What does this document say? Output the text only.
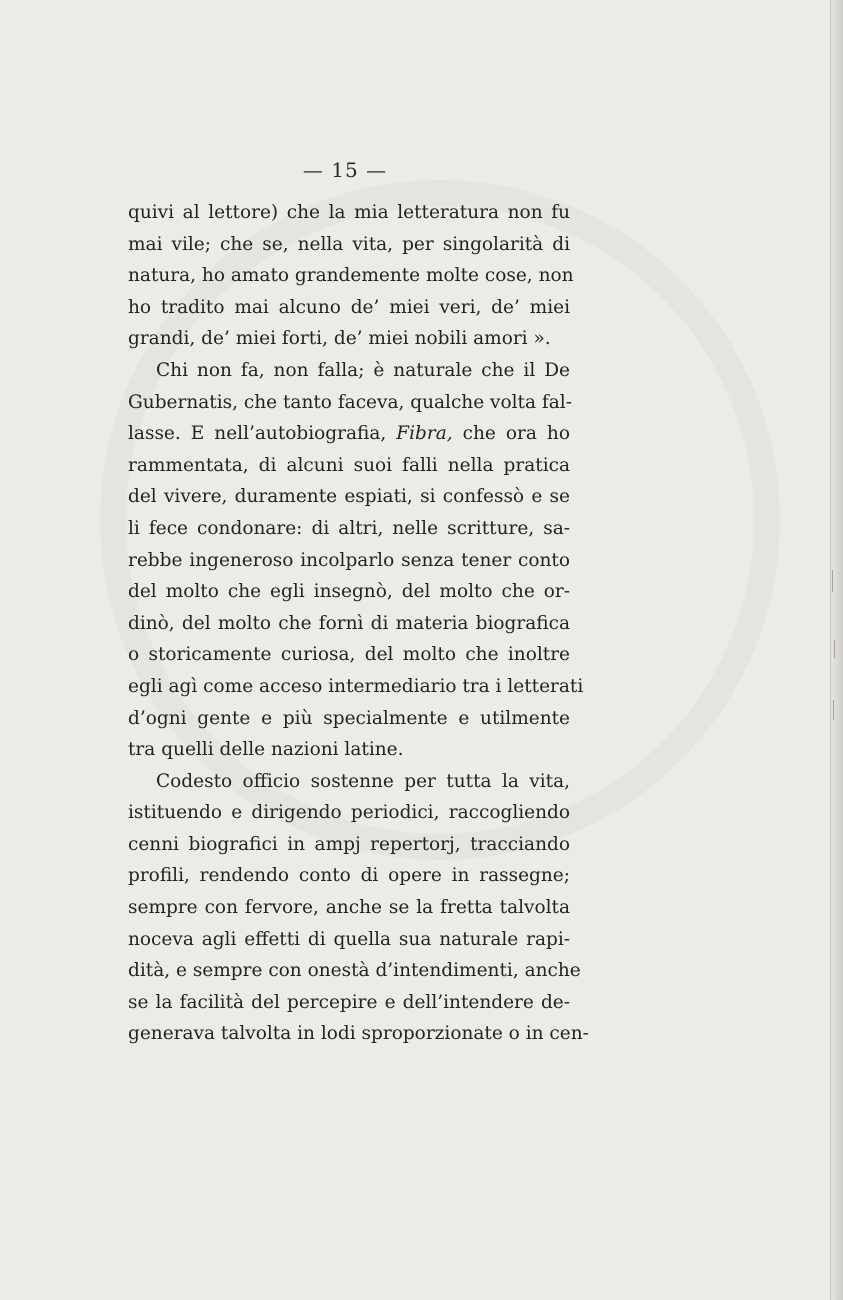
— 15 —
quivi al lettore) che la mia letteratura non fu
mai vile; che se, nella vita, per singolarità di
natura, ho amato grandemente molte cose, non
ho tradito mai alcuno de’ miei veri, de’ miei
grandi, de’ miei forti, de’ miei nobili amori ».
Chi non fa, non falla; è naturale che il De
Gubernatis, che tanto faceva, qualche volta fal-
lasse. E nell’autobiografia, Fibra, che ora ho
rammentata, di alcuni suoi falli nella pratica
del vivere, duramente espiati, si confessò e se
li fece condonare: di altri, nelle scritture, sa-
rebbe ingeneroso incolparlo senza tener conto
del molto che egli insegnò, del molto che or-
dinò, del molto che fornì di materia biografica
o storicamente curiosa, del molto che inoltre
egli agì come acceso intermediario tra i letterati
d’ogni gente e più specialmente e utilmente
tra quelli delle nazioni latine.
Codesto officio sostenne per tutta la vita,
istituendo e dirigendo periodici, raccogliendo
cenni biografici in ampj repertorj, tracciando
profili, rendendo conto di opere in rassegne;
sempre con fervore, anche se la fretta talvolta
noceva agli effetti di quella sua naturale rapi-
dità, e sempre con onestà d’intendimenti, anche
se la facilità del percepire e dell’intendere de-
generava talvolta in lodi sproporzionate o in cen-
